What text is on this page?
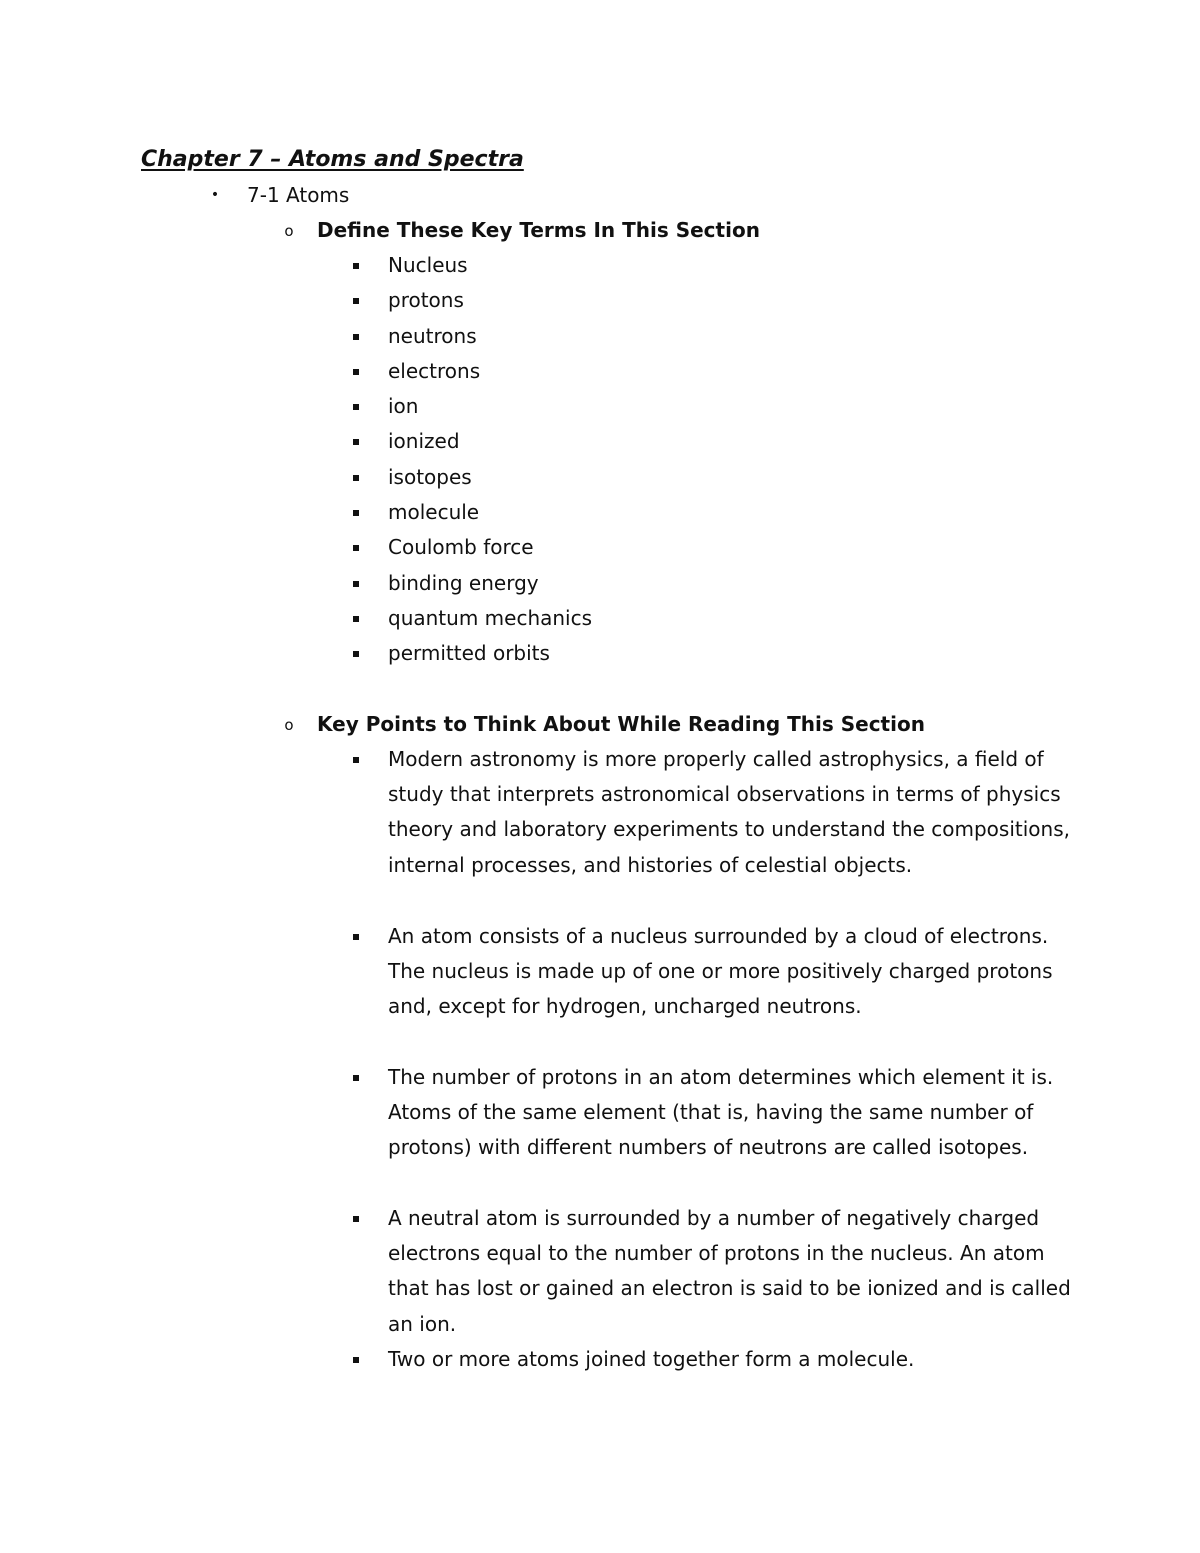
Chapter 7 – Atoms and Spectra
• 7-1 Atoms
o Define These Key Terms In This Section
Nucleus
protons
neutrons
electrons
ion
ionized
isotopes
molecule
Coulomb force
binding energy
quantum mechanics
permitted orbits
o Key Points to Think About While Reading This Section
Modern astronomy is more properly called astrophysics, a field of study that interprets astronomical observations in terms of physics theory and laboratory experiments to understand the compositions, internal processes, and histories of celestial objects.
An atom consists of a nucleus surrounded by a cloud of electrons. The nucleus is made up of one or more positively charged protons and, except for hydrogen, uncharged neutrons.
The number of protons in an atom determines which element it is. Atoms of the same element (that is, having the same number of protons) with different numbers of neutrons are called isotopes.
A neutral atom is surrounded by a number of negatively charged electrons equal to the number of protons in the nucleus. An atom that has lost or gained an electron is said to be ionized and is called an ion.
Two or more atoms joined together form a molecule.
